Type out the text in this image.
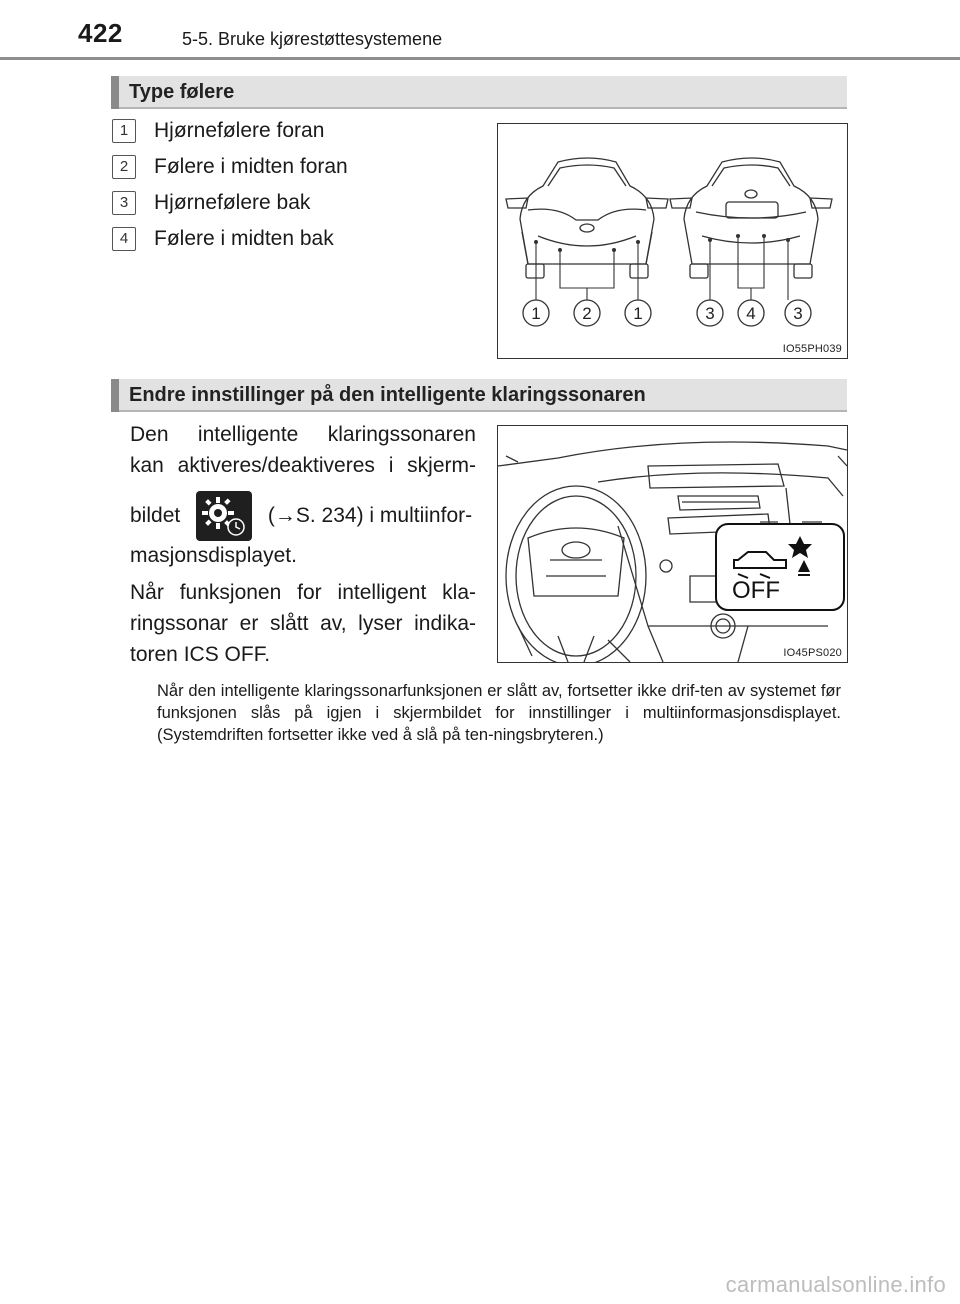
422	5-5. Bruke kjørestøttesystemene
Type følere
1 Hjørnefølere foran
2 Følere i midten foran
3 Hjørnefølere bak
4 Følere i midten bak
1 2 1	3 4 3
IO55PH039
Endre innstillinger på den intelligente klaringssonaren
Den intelligente klaringssonaren
kan aktiveres/deaktiveres i skjerm-
bildet	(→S. 234) i multiinfor-
masjonsdisplayet.
Når funksjonen for intelligent kla-
ringssonar er slått av, lyser indika-
toren ICS OFF.
OFF
IO45PS020
Når den intelligente klaringssonarfunksjonen er slått av, fortsetter ikke drif-ten av systemet før funksjonen slås på igjen i skjermbildet for innstillinger i multiinformasjonsdisplayet. (Systemdriften fortsetter ikke ved å slå på ten-ningsbryteren.)
carmanualsonline.info
